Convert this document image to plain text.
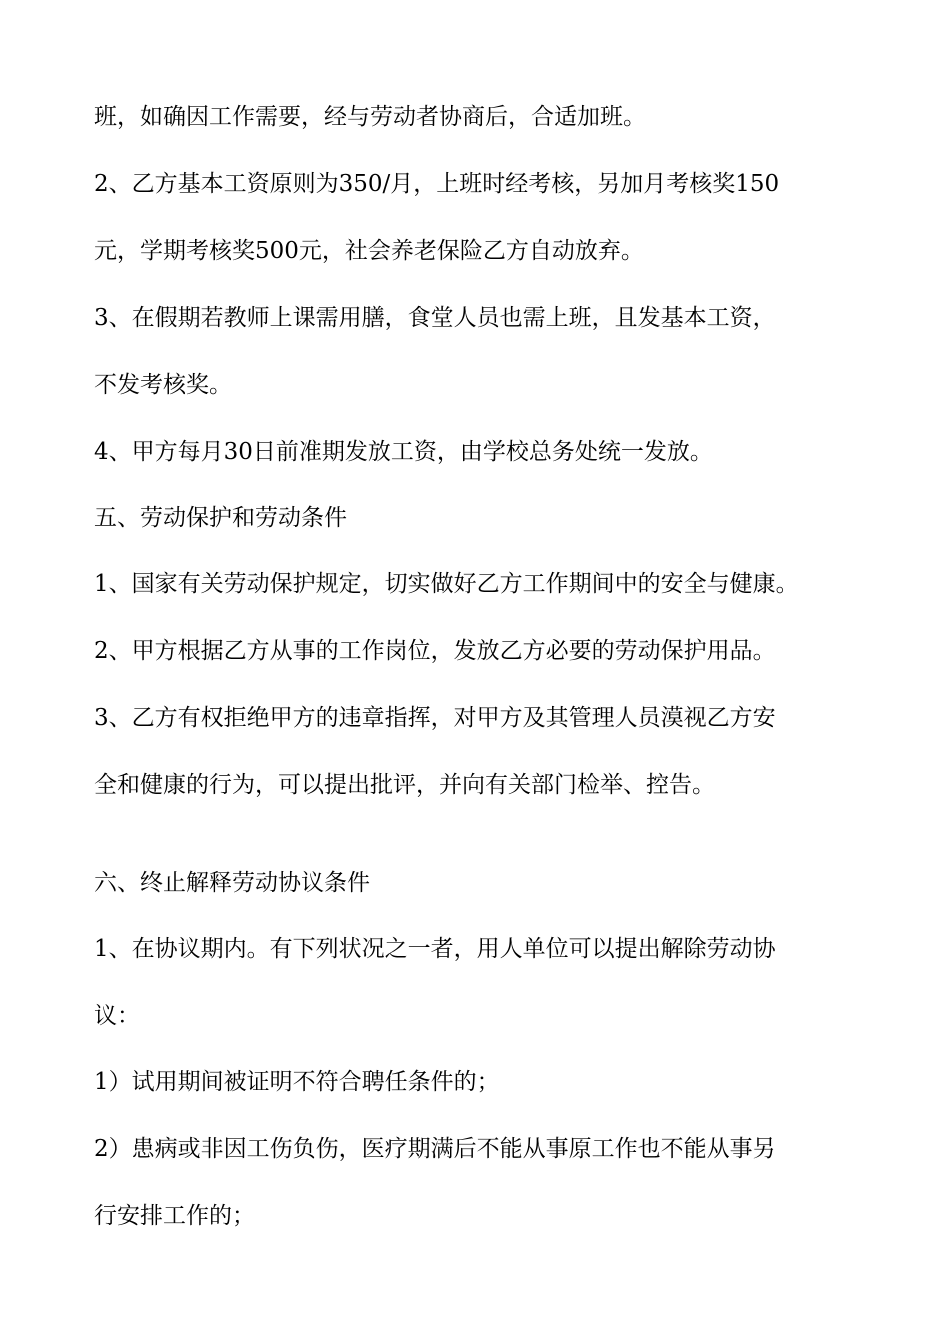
班，如确因工作需要，经与劳动者协商后，合适加班。
2、乙方基本工资原则为350/月，上班时经考核，另加月考核奖150
元，学期考核奖500元，社会养老保险乙方自动放弃。
3、在假期若教师上课需用膳，食堂人员也需上班，且发基本工资，
不发考核奖。
4、甲方每月30日前准期发放工资，由学校总务处统一发放。
五、劳动保护和劳动条件
1、国家有关劳动保护规定，切实做好乙方工作期间中的安全与健康。
2、甲方根据乙方从事的工作岗位，发放乙方必要的劳动保护用品。
3、乙方有权拒绝甲方的违章指挥，对甲方及其管理人员漠视乙方安
全和健康的行为，可以提出批评，并向有关部门检举、控告。
六、终止解释劳动协议条件
1、在协议期内。有下列状况之一者，用人单位可以提出解除劳动协
议：
1）试用期间被证明不符合聘任条件的；
2）患病或非因工伤负伤，医疗期满后不能从事原工作也不能从事另
行安排工作的；
